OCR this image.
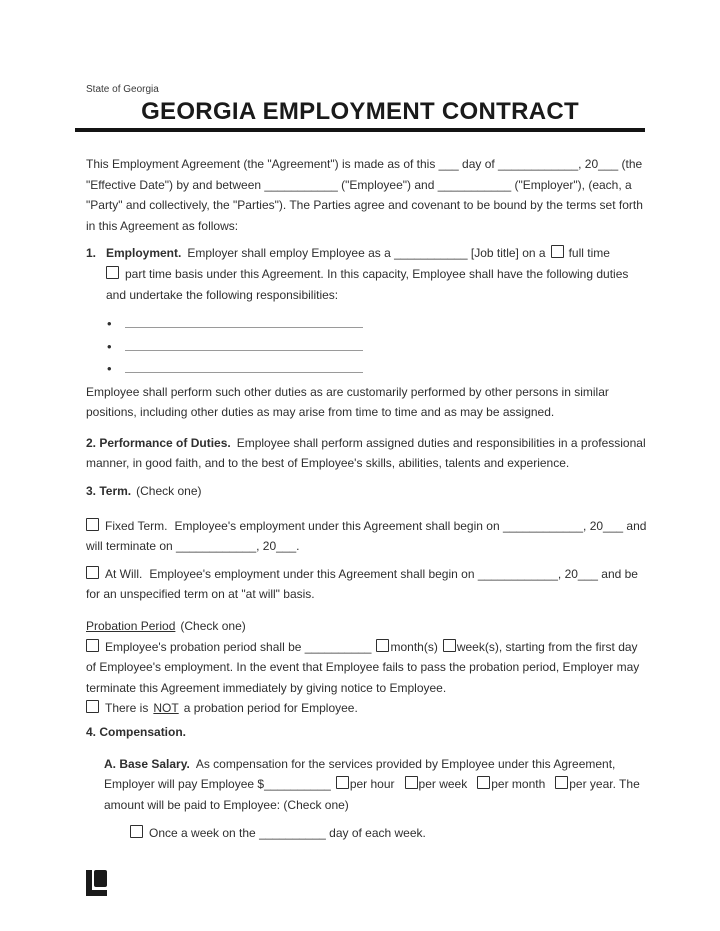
State of Georgia
GEORGIA EMPLOYMENT CONTRACT
This Employment Agreement (the "Agreement") is made as of this ___ day of ____________, 20___ (the
"Effective Date") by and between ___________ ("Employee") and ___________ ("Employer"), (each, a
"Party" and collectively, the "Parties"). The Parties agree and covenant to be bound by the terms set forth
in this Agreement as follows:
1. Employment. Employer shall employ Employee as a ___________ [Job title] on a full time
part time basis under this Agreement. In this capacity, Employee shall have the following duties
and undertake the following responsibilities:
•
•
•
Employee shall perform such other duties as are customarily performed by other persons in similar
positions, including other duties as may arise from time to time and as may be assigned.
2. Performance of Duties. Employee shall perform assigned duties and responsibilities in a professional
manner, in good faith, and to the best of Employee's skills, abilities, talents and experience.
3. Term. (Check one)
Fixed Term. Employee's employment under this Agreement shall begin on ____________, 20___ and
will terminate on ____________, 20___.
At Will. Employee's employment under this Agreement shall begin on ____________, 20___ and be
for an unspecified term on at "at will" basis.
Probation Period (Check one)
Employee's probation period shall be __________ month(s) week(s), starting from the first day
of Employee's employment. In the event that Employee fails to pass the probation period, Employer may
terminate this Agreement immediately by giving notice to Employee.
There is NOT a probation period for Employee.
4. Compensation.
A. Base Salary. As compensation for the services provided by Employee under this Agreement,
Employer will pay Employee $__________ per hour per week per month per year. The
amount will be paid to Employee: (Check one)
Once a week on the __________ day of each week.
